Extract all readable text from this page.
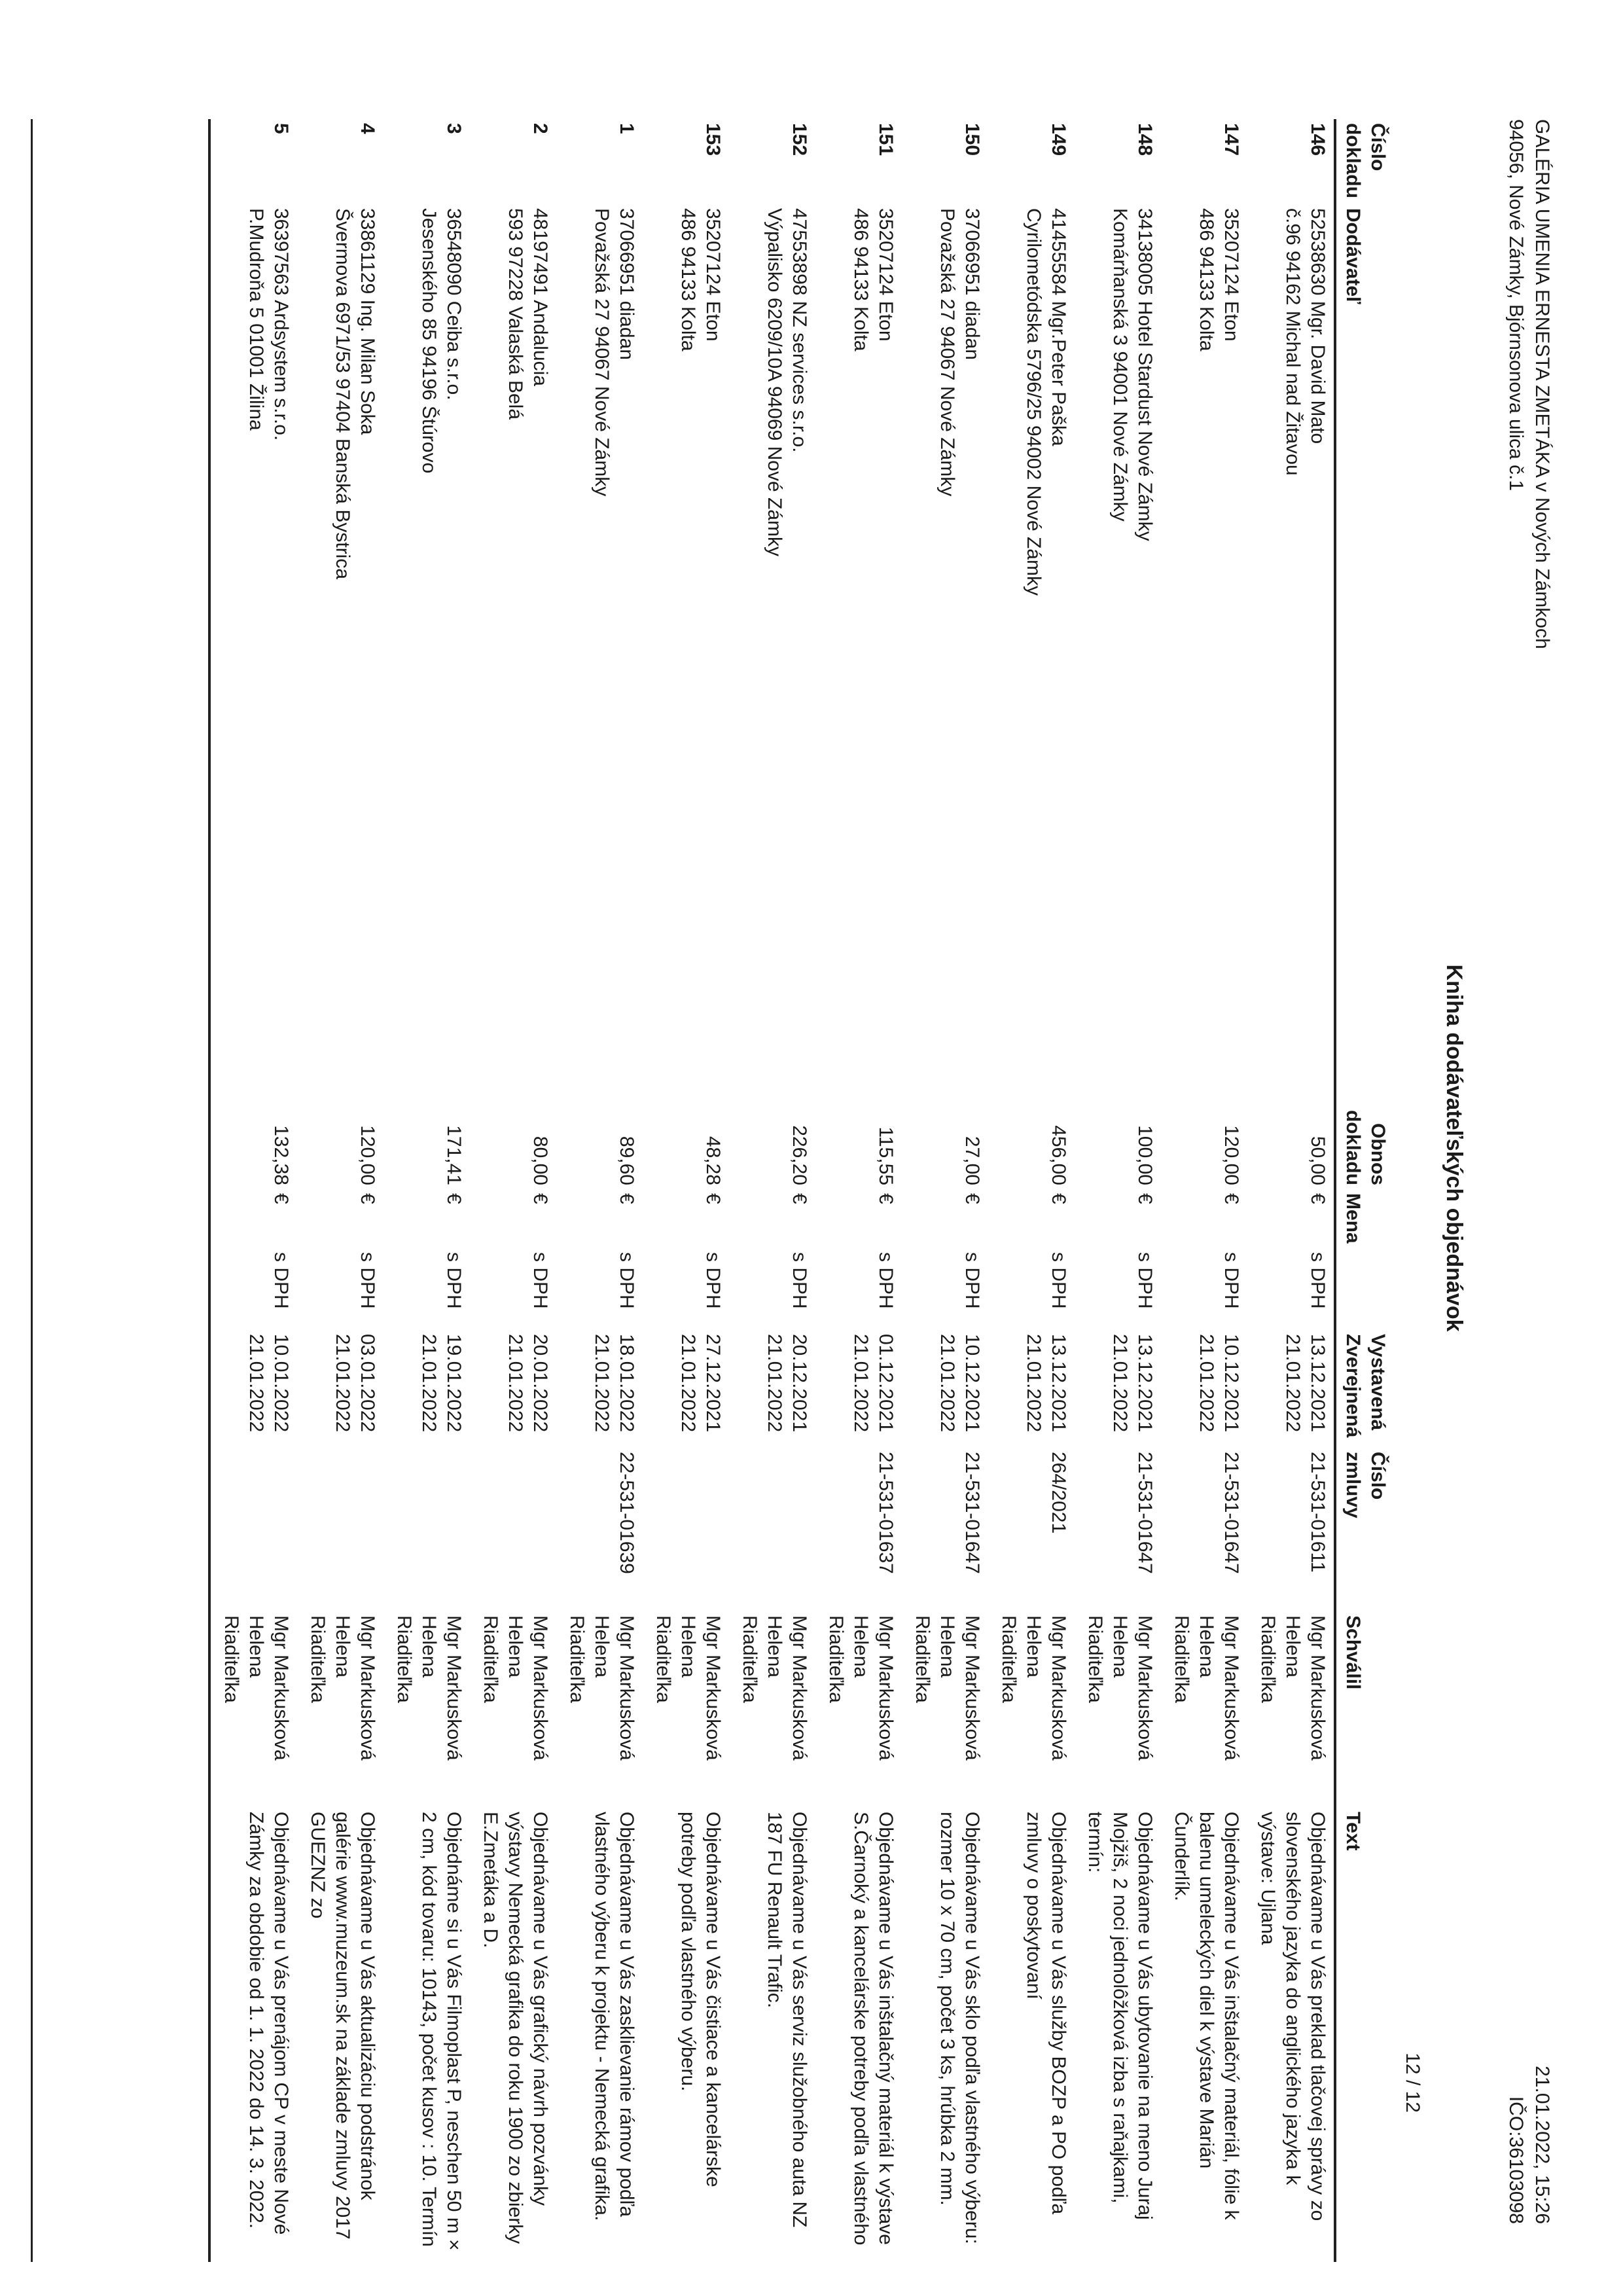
GALÉRIA UMENIA ERNESTA ZMETÁKA v Nových Zámkoch
94056, Nové Zámky, Bjórnsonova ulica č.1
21.01.2022, 15:26
IČO:36103098
Kniha dodávateľských objednávok
12 / 12
Číslo
dokladu	Dodávateľ	Obnos
dokladu	Mena		Vystavená
Zverejnená	Číslo
zmluvy	Schválil	Text

146	52538630 Mgr. David Mato
č.96 94162 Michal nad Žitavou	50,00	€	s DPH	13.12.2021
21.01.2022	21-531-01611	Mgr Markusková Helena
Riaditeľka	Objednávame u Vás preklad tlačovej správy zo slovenského jazyka do anglického jazyka k výstave: Ujlana

147	35207124 Eton
486 94133 Kolta	120,00	€	s DPH	10.12.2021
21.01.2022	21-531-01647	Mgr Markusková Helena
Riaditeľka	Objednávame u Vás inštalačný materiál, fólie k balenu umeleckých diel k výstave Marián Čunderlík.

148	34138005 Hotel Stardust Nové Zámky
Komárňanská 3 94001 Nové Zámky	100,00	€	s DPH	13.12.2021
21.01.2022	21-531-01647	Mgr Markusková Helena
Riaditeľka	Objednávame u Vás ubytovanie na meno Juraj Mojžiš, 2 noci jednolôžková izba s raňajkami, termín:

149	41455584 Mgr.Peter Paška
Cyrilometódska 5796/25 94002 Nové Zámky	456,00	€	s DPH	13.12.2021
21.01.2022	264/2021	Mgr Markusková Helena
Riaditeľka	Objednávame u Vás služby BOZP a PO podľa zmluvy o poskytovaní

150	37066951 diadan
Považská 27 94067 Nové Zámky	27,00	€	s DPH	10.12.2021
21.01.2022	21-531-01647	Mgr Markusková Helena
Riaditeľka	Objednávame u Vás sklo podľa vlastného výberu: rozmer 10 x 70 cm, počet 3 ks, hrúbka 2 mm.

151	35207124 Eton
486 94133 Kolta	115,55	€	s DPH	01.12.2021
21.01.2022	21-531-01637	Mgr Markusková Helena
Riaditeľka	Objednávame u Vás inštalačný materiál k výstave S.Čarnoký a kancelárske potreby podľa vlastného

152	47553898 NZ services s.r.o.
Výpalisko 6209/10A 94069 Nové Zámky	226,20	€	s DPH	20.12.2021
21.01.2022		Mgr Markusková Helena
Riaditeľka	Objednávame u Vás serviz služobného auta NZ 187 FU Renault Trafic.

153	35207124 Eton
486 94133 Kolta	48,28	€	s DPH	27.12.2021
21.01.2022		Mgr Markusková Helena
Riaditeľka	Objednávame u Vás čistiace a kancelárske potreby podľa vlastného výberu.

1	37066951 diadan
Považská 27 94067 Nové Zámky	89,60	€	s DPH	18.01.2022
21.01.2022	22-531-01639	Mgr Markusková Helena
Riaditeľka	Objednávame u Vás zasklievanie rámov podľa vlastného výberu k projektu - Nemecká grafika.

2	48197491 Andalucia
593 97228 Valaská Belá	80,00	€	s DPH	20.01.2022
21.01.2022		Mgr Markusková Helena
Riaditeľka	Objednávame u Vás grafický návrh pozvánky výstavy Nemecká grafika do roku 1900 zo zbierky E.Zmetáka a D.

3	36548090 Ceiba s.r.o.
Jesenského 85 94196 Štúrovo	171,41	€	s DPH	19.01.2022
21.01.2022		Mgr Markusková Helena
Riaditeľka	Objednáme si u Vás Filmoplast P, neschen 50 m × 2 cm, kód tovaru: 10143, počet kusov : 10. Termín

4	33861129 Ing. Milan Soka
Švermova 6971/53 97404 Banská Bystrica	120,00	€	s DPH	03.01.2022
21.01.2022		Mgr Markusková Helena
Riaditeľka	Objednávame u Vás aktualizáciu podstránok galérie www.muzeum.sk na základe zmluvy 2017 GUEZNZ zo

5	36397563 Ardsystem s.r.o.
P.Mudroňa 5 01001 Žilina	132,38	€	s DPH	10.01.2022
21.01.2022		Mgr Markusková Helena
Riaditeľka	Objednávame u Vás prenájom CP v meste Nové Zámky za obdobie od 1. 1. 2022 do 14. 3. 2022.
